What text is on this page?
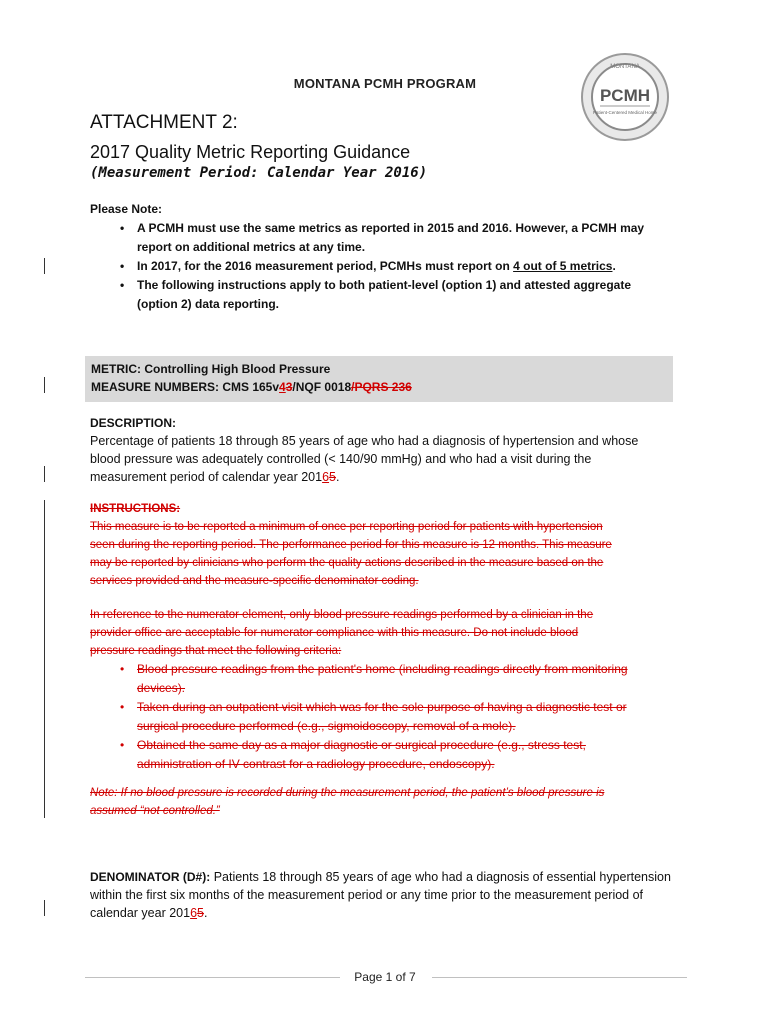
MONTANA PCMH PROGRAM
MONTANA
PCMH
Patient-Centered Medical Home
ATTACHMENT 2:
2017 Quality Metric Reporting Guidance
(Measurement Period: Calendar Year 2016)
Please Note:
• A PCMH must use the same metrics as reported in 2015 and 2016. However, a PCMH may
report on additional metrics at any time.
• In 2017, for the 2016 measurement period, PCMHs must report on 4 out of 5 metrics.
• The following instructions apply to both patient-level (option 1) and attested aggregate
(option 2) data reporting.
METRIC: Controlling High Blood Pressure
MEASURE NUMBERS: CMS 165v43/NQF 0018/PQRS 236
DESCRIPTION:
Percentage of patients 18 through 85 years of age who had a diagnosis of hypertension and whose
blood pressure was adequately controlled (< 140/90 mmHg) and who had a visit during the
measurement period of calendar year 20165.
INSTRUCTIONS:
This measure is to be reported a minimum of once per reporting period for patients with hypertension
seen during the reporting period. The performance period for this measure is 12 months. This measure
may be reported by clinicians who perform the quality actions described in the measure based on the
services provided and the measure-specific denominator coding.
In reference to the numerator element, only blood pressure readings performed by a clinician in the
provider office are acceptable for numerator compliance with this measure. Do not include blood
pressure readings that meet the following criteria:
• Blood pressure readings from the patient's home (including readings directly from monitoring
devices).
• Taken during an outpatient visit which was for the sole purpose of having a diagnostic test or
surgical procedure performed (e.g., sigmoidoscopy, removal of a mole).
• Obtained the same day as a major diagnostic or surgical procedure (e.g., stress test,
administration of IV contrast for a radiology procedure, endoscopy).
Note: If no blood pressure is recorded during the measurement period, the patient’s blood pressure is
assumed “not controlled.”
DENOMINATOR (D#): Patients 18 through 85 years of age who had a diagnosis of essential hypertension
within the first six months of the measurement period or any time prior to the measurement period of
calendar year 20165.
Page 1 of 7
